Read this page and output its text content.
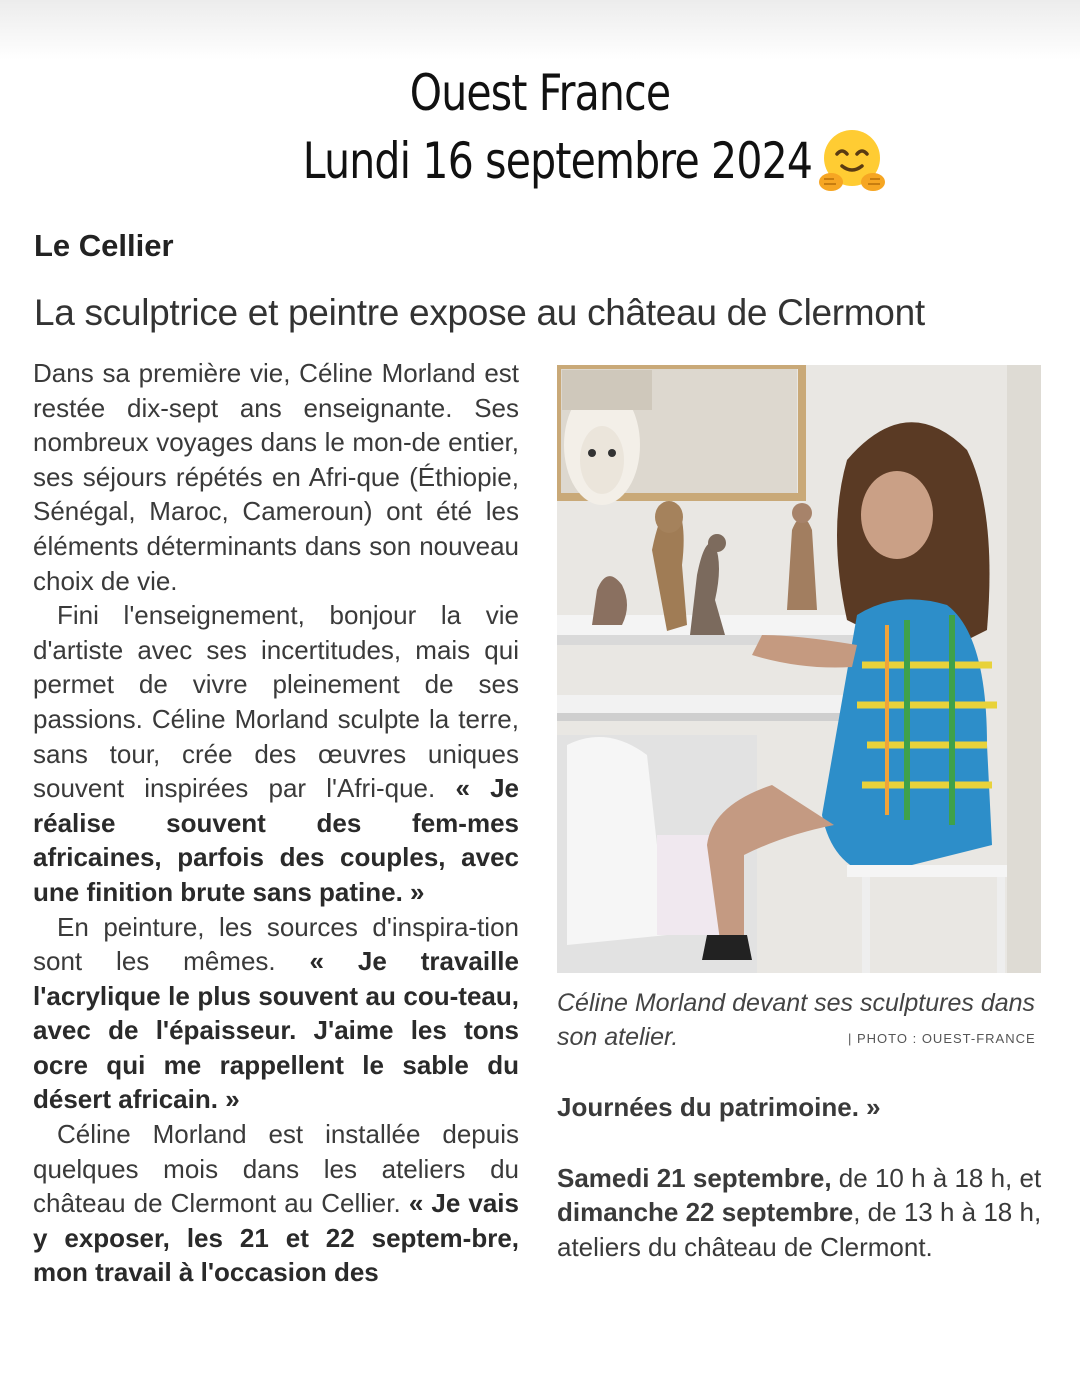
Ouest France
Lundi 16 septembre 2024
Le Cellier
La sculptrice et peintre expose au château de Clermont

Dans sa première vie, Céline Morland est restée dix-sept ans enseignante. Ses nombreux voyages dans le mon-de entier, ses séjours répétés en Afri-que (Éthiopie, Sénégal, Maroc, Cameroun) ont été les éléments déterminants dans son nouveau choix de vie.

Fini l'enseignement, bonjour la vie d'artiste avec ses incertitudes, mais qui permet de vivre pleinement de ses passions. Céline Morland sculpte la terre, sans tour, crée des œuvres uniques souvent inspirées par l'Afri-que. « Je réalise souvent des fem-mes africaines, parfois des couples, avec une finition brute sans patine. »

En peinture, les sources d'inspira-tion sont les mêmes. « Je travaille l'acrylique le plus souvent au cou-teau, avec de l'épaisseur. J'aime les tons ocre qui me rappellent le sable du désert africain. »

Céline Morland est installée depuis quelques mois dans les ateliers du château de Clermont au Cellier. « Je vais y exposer, les 21 et 22 septem-bre, mon travail à l'occasion des

Céline Morland devant ses sculptures dans son atelier.	| PHOTO : OUEST-FRANCE

Journées du patrimoine. »

Samedi 21 septembre, de 10 h à 18 h, et dimanche 22 septembre, de 13 h à 18 h, ateliers du château de Clermont.
